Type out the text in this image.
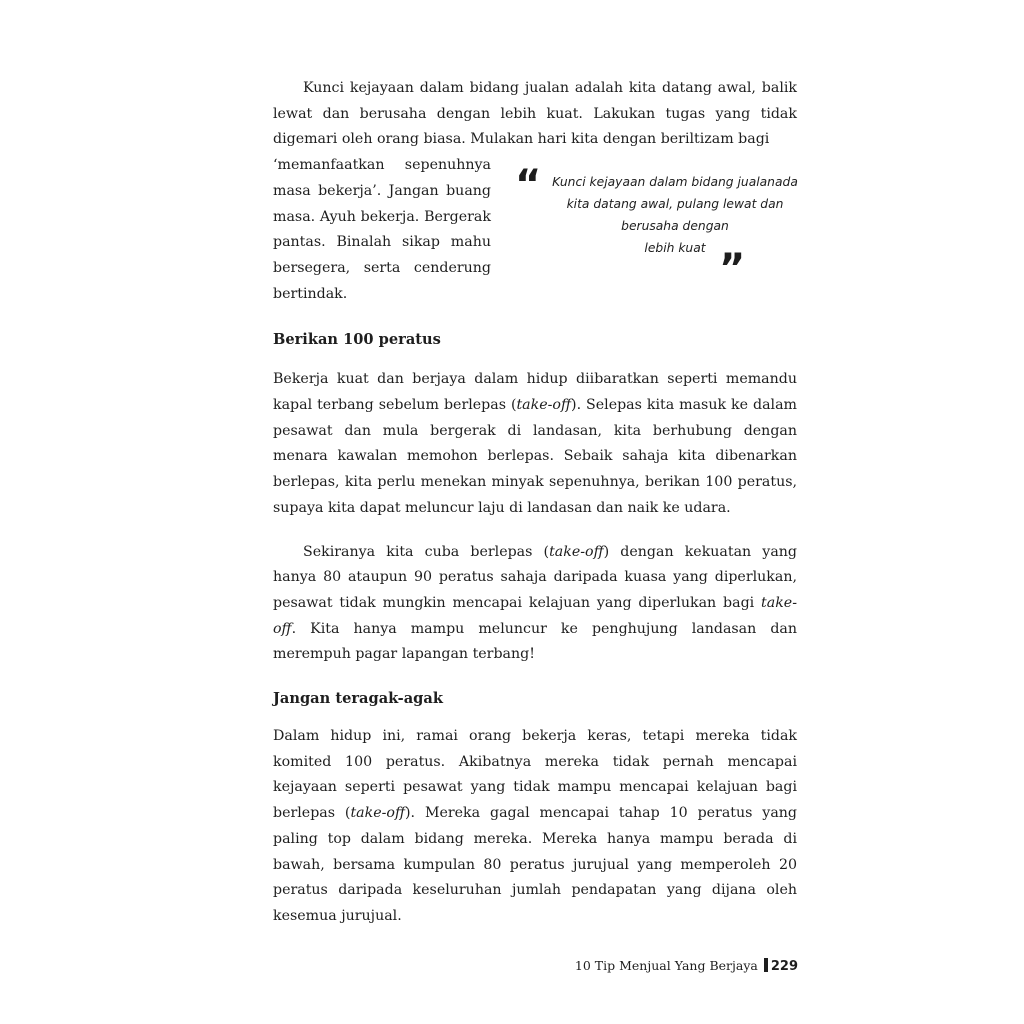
Kunci kejayaan dalam bidang jualan adalah kita datang awal, balik lewat dan berusaha dengan lebih kuat. Lakukan tugas yang tidak digemari oleh orang biasa. Mulakan hari kita dengan beriltizam bagi

‘memanfaatkan sepenuhnya masa bekerja’. Jangan buang masa. Ayuh bekerja. Bergerak pantas. Binalah sikap mahu bersegera, serta cenderung bertindak.

“ Kunci kejayaan dalam bidang jualanada
kita datang awal, pulang lewat dan
berusaha dengan
lebih kuat ”
Berikan 100 peratus

Bekerja kuat dan berjaya dalam hidup diibaratkan seperti memandu kapal terbang sebelum berlepas (take-off). Selepas kita masuk ke dalam pesawat dan mula bergerak di landasan, kita berhubung dengan menara kawalan memohon berlepas. Sebaik sahaja kita dibenarkan berlepas, kita perlu menekan minyak sepenuhnya, berikan 100 peratus, supaya kita dapat meluncur laju di landasan dan naik ke udara.

Sekiranya kita cuba berlepas (take-off) dengan kekuatan yang hanya 80 ataupun 90 peratus sahaja daripada kuasa yang diperlukan, pesawat tidak mungkin mencapai kelajuan yang diperlukan bagi take-off. Kita hanya mampu meluncur ke penghujung landasan dan merempuh pagar lapangan terbang!

Jangan teragak-agak

Dalam hidup ini, ramai orang bekerja keras, tetapi mereka tidak komited 100 peratus. Akibatnya mereka tidak pernah mencapai kejayaan seperti pesawat yang tidak mampu mencapai kelajuan bagi berlepas (take-off). Mereka gagal mencapai tahap 10 peratus yang paling top dalam bidang mereka. Mereka hanya mampu berada di bawah, bersama kumpulan 80 peratus jurujual yang memperoleh 20 peratus daripada keseluruhan jumlah pendapatan yang dijana oleh kesemua jurujual.

10 Tip Menjual Yang Berjaya 229
